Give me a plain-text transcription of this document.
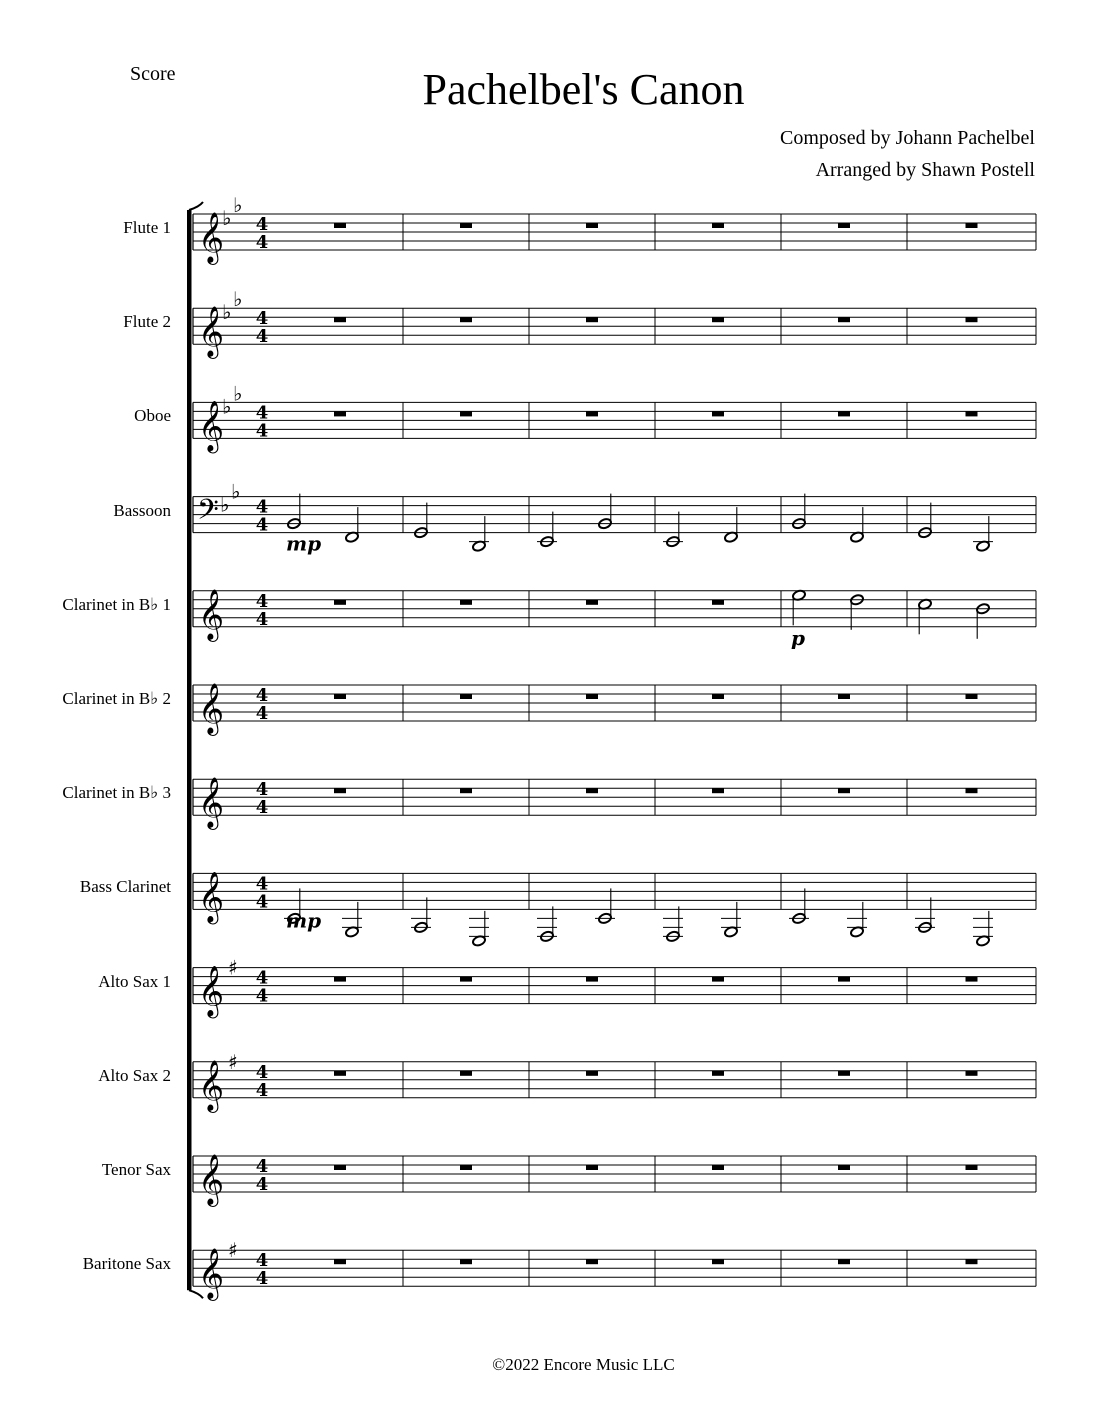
Score	Pachelbel's Canon
Composed by Johann Pachelbel
Arranged by Shawn Postell
Flute 1
Flute 2
Oboe
Bassoon
Clarinet in B♭ 1
Clarinet in B♭ 2
Clarinet in B♭ 3
Bass Clarinet
Alto Sax 1
Alto Sax 2
Tenor Sax
Baritone Sax
𝄞
♭
♭
4
4
𝄞
♭
♭
4
4
𝄞
♭
♭
4
4
𝄢 ♭
♭
4
4
mp
𝄞 4
4
p
𝄞 4
4
𝄞 4
4
𝄞 4
4
mp
𝄞 ♯ 4
4
𝄞 ♯ 4
4
𝄞 4
4
𝄞 ♯ 4
4
©2022 Encore Music LLC
